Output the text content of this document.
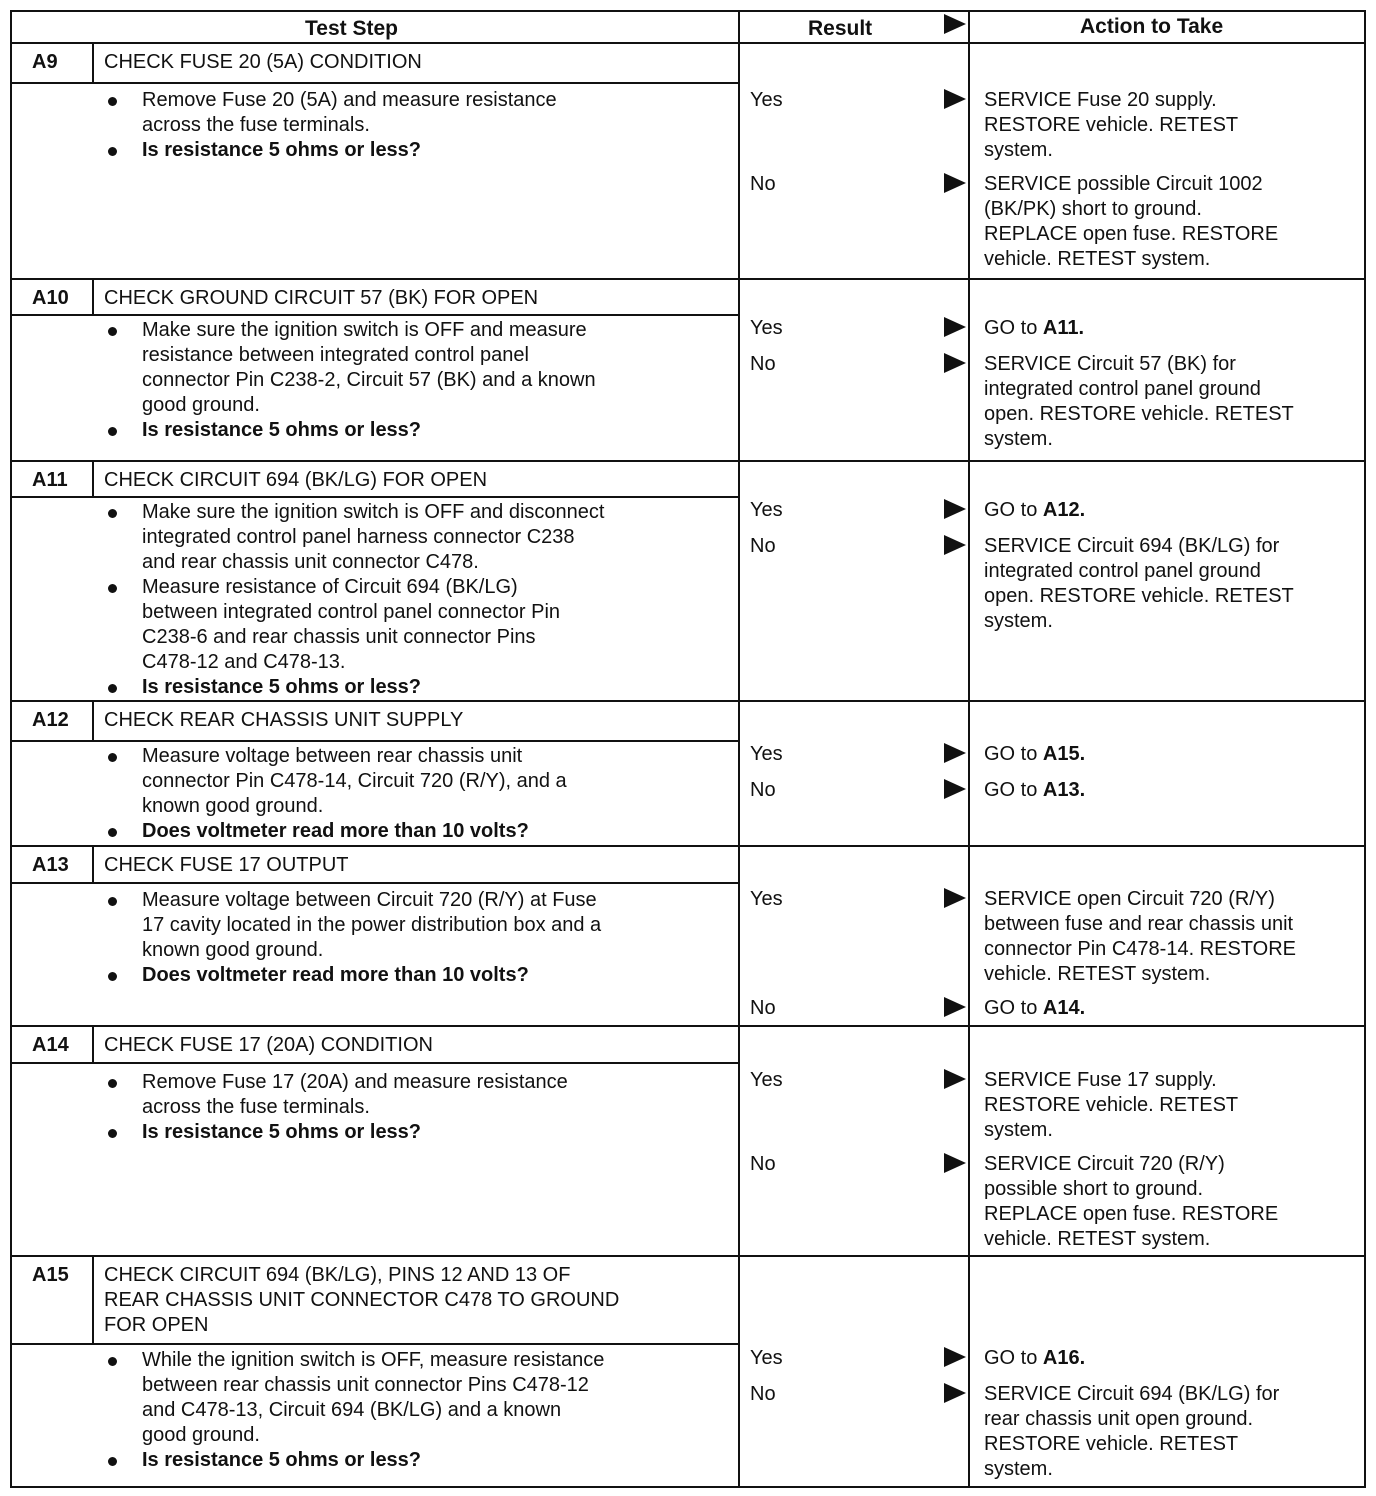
Test Step	Result	Action to Take
A9 CHECK FUSE 20 (5A) CONDITION
Remove Fuse 20 (5A) and measure resistance
across the fuse terminals.
Is resistance 5 ohms or less?
Yes	SERVICE Fuse 20 supply.
RESTORE vehicle. RETEST
system.
No	SERVICE possible Circuit 1002
(BK/PK) short to ground.
REPLACE open fuse. RESTORE
vehicle. RETEST system.
A10 CHECK GROUND CIRCUIT 57 (BK) FOR OPEN
Make sure the ignition switch is OFF and measure
resistance between integrated control panel
connector Pin C238-2, Circuit 57 (BK) and a known
good ground.
Is resistance 5 ohms or less?
Yes	GO to A11.
No	SERVICE Circuit 57 (BK) for
integrated control panel ground
open. RESTORE vehicle. RETEST
system.
A11 CHECK CIRCUIT 694 (BK/LG) FOR OPEN
Make sure the ignition switch is OFF and disconnect
integrated control panel harness connector C238
and rear chassis unit connector C478.
Measure resistance of Circuit 694 (BK/LG)
between integrated control panel connector Pin
C238-6 and rear chassis unit connector Pins
C478-12 and C478-13.
Is resistance 5 ohms or less?
Yes	GO to A12.
No	SERVICE Circuit 694 (BK/LG) for
integrated control panel ground
open. RESTORE vehicle. RETEST
system.
A12 CHECK REAR CHASSIS UNIT SUPPLY
Measure voltage between rear chassis unit
connector Pin C478-14, Circuit 720 (R/Y), and a
known good ground.
Does voltmeter read more than 10 volts?
Yes	GO to A15.
No	GO to A13.
A13 CHECK FUSE 17 OUTPUT
Measure voltage between Circuit 720 (R/Y) at Fuse
17 cavity located in the power distribution box and a
known good ground.
Does voltmeter read more than 10 volts?
Yes	SERVICE open Circuit 720 (R/Y)
between fuse and rear chassis unit
connector Pin C478-14. RESTORE
vehicle. RETEST system.
No	GO to A14.
A14 CHECK FUSE 17 (20A) CONDITION
Remove Fuse 17 (20A) and measure resistance
across the fuse terminals.
Is resistance 5 ohms or less?
Yes	SERVICE Fuse 17 supply.
RESTORE vehicle. RETEST
system.
No	SERVICE Circuit 720 (R/Y)
possible short to ground.
REPLACE open fuse. RESTORE
vehicle. RETEST system.
A15 CHECK CIRCUIT 694 (BK/LG), PINS 12 AND 13 OF
REAR CHASSIS UNIT CONNECTOR C478 TO GROUND
FOR OPEN
While the ignition switch is OFF, measure resistance
between rear chassis unit connector Pins C478-12
and C478-13, Circuit 694 (BK/LG) and a known
good ground.
Is resistance 5 ohms or less?
Yes	GO to A16.
No	SERVICE Circuit 694 (BK/LG) for
rear chassis unit open ground.
RESTORE vehicle. RETEST
system.
